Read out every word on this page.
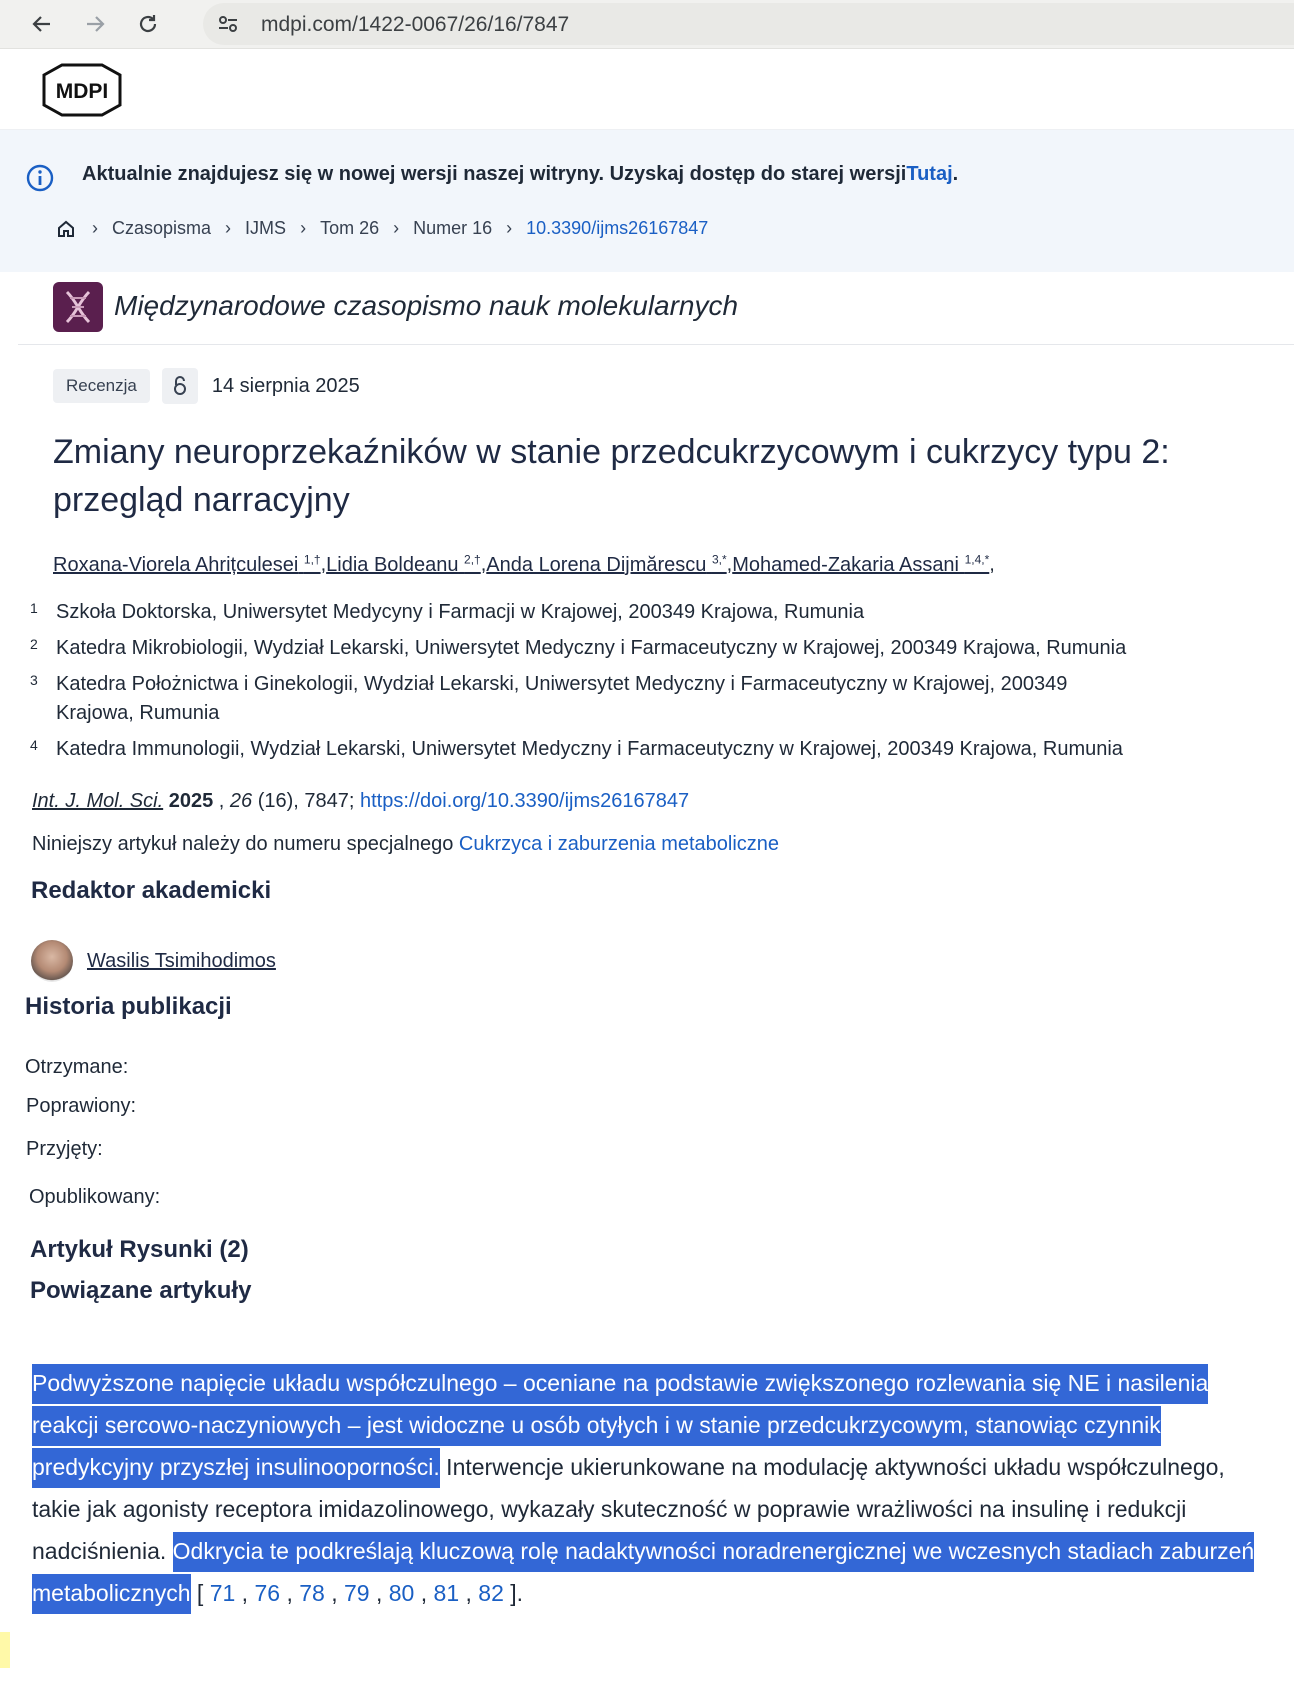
mdpi.com/1422-0067/26/16/7847
MDPI
Aktualnie znajdujesz się w nowej wersji naszej witryny. Uzyskaj dostęp do starej wersjiTutaj.
› Czasopisma › IJMS › Tom 26 › Numer 16 › 10.3390/ijms26167847
Międzynarodowe czasopismo nauk molekularnych
Recenzja	14 sierpnia 2025
Zmiany neuroprzekaźników w stanie przedcukrzycowym i cukrzycy typu 2: przegląd narracyjny
Roxana-Viorela Ahrițculesei $^{1,\dagger}$,Lidia Boldeanu $^{2,\dagger}$,Anda Lorena Dijmărescu $^{3,*}$,Mohamed-Zakaria Assani $^{1,4,*}$,
1 Szkoła Doktorska, Uniwersytet Medycyny i Farmacji w Krajowej, 200349 Krajowa, Rumunia
2 Katedra Mikrobiologii, Wydział Lekarski, Uniwersytet Medyczny i Farmaceutyczny w Krajowej, 200349 Krajowa, Rumunia
3 Katedra Położnictwa i Ginekologii, Wydział Lekarski, Uniwersytet Medyczny i Farmaceutyczny w Krajowej, 200349 Krajowa, Rumunia
4 Katedra Immunologii, Wydział Lekarski, Uniwersytet Medyczny i Farmaceutyczny w Krajowej, 200349 Krajowa, Rumunia
Int. J. Mol. Sci. 2025 , 26 (16), 7847; https://doi.org/10.3390/ijms26167847
Niniejszy artykuł należy do numeru specjalnego Cukrzyca i zaburzenia metaboliczne
Redaktor akademicki
Wasilis Tsimihodimos
Historia publikacji
Otrzymane:
Poprawiony:
Przyjęty:
Opublikowany:
Artykuł Rysunki (2)
Powiązane artykuły
Podwyższone napięcie układu współczulnego – oceniane na podstawie zwiększonego rozlewania się NE i nasilenia reakcji sercowo-naczyniowych – jest widoczne u osób otyłych i w stanie przedcukrzycowym, stanowiąc czynnik predykcyjny przyszłej insulinooporności. Interwencje ukierunkowane na modulację aktywności układu współczulnego, takie jak agonisty receptora imidazolinowego, wykazały skuteczność w poprawie wrażliwości na insulinę i redukcji nadciśnienia. Odkrycia te podkreślają kluczową rolę nadaktywności noradrenergicznej we wczesnych stadiach zaburzeń metabolicznych [ 71 , 76 , 78 , 79 , 80 , 81 , 82 ].
